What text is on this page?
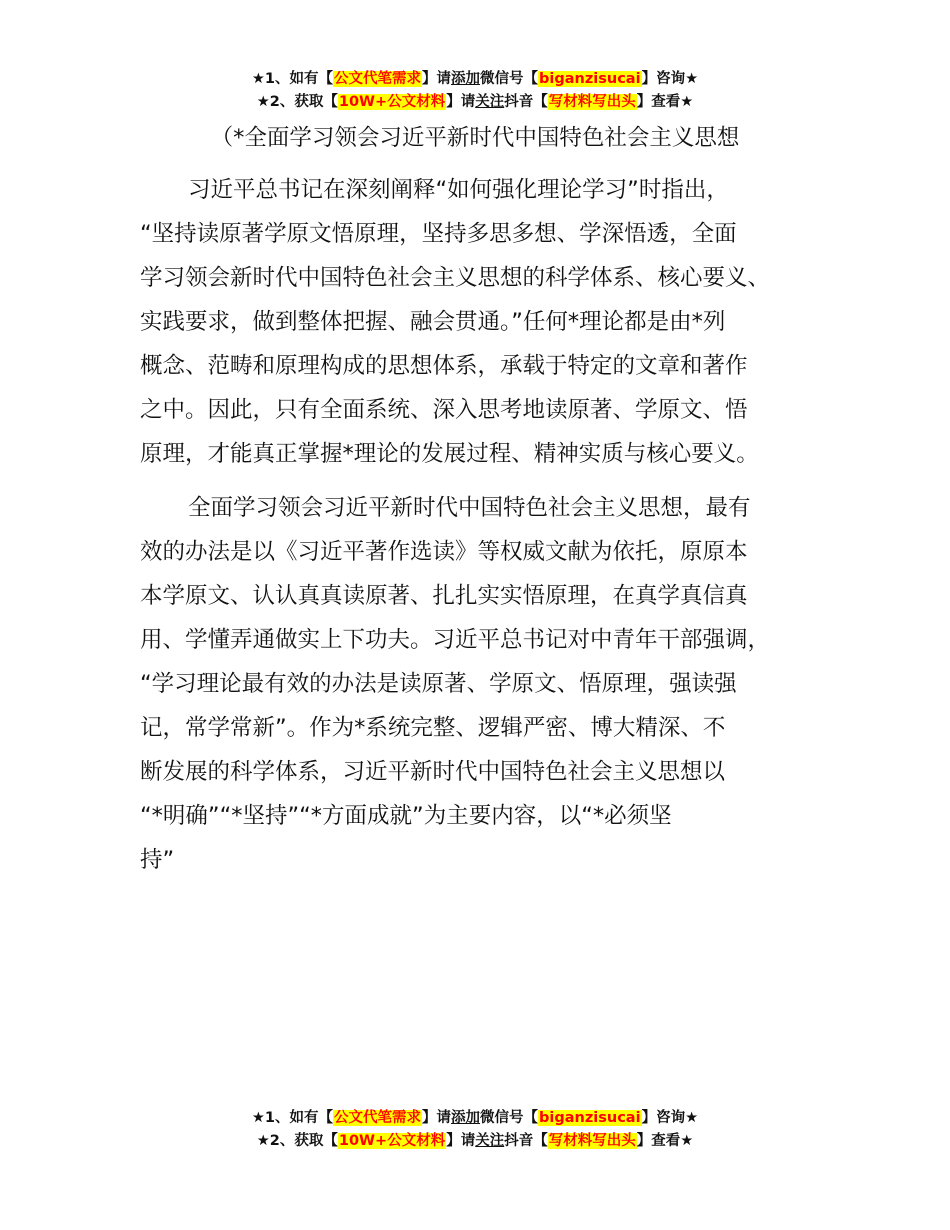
★1、如有【公文代笔需求】请添加微信号【biganzisucai】咨询★
★2、获取【10W+公文材料】请关注抖音【写材料写出头】查看★
（*全面学习领会习近平新时代中国特色社会主义思想
习近平总书记在深刻阐释“如何强化理论学习”时指出，
“坚持读原著学原文悟原理，坚持多思多想、学深悟透，全面
学习领会新时代中国特色社会主义思想的科学体系、核心要义、
实践要求，做到整体把握、融会贯通。”任何*理论都是由*列
概念、范畴和原理构成的思想体系，承载于特定的文章和著作
之中。因此，只有全面系统、深入思考地读原著、学原文、悟
原理，才能真正掌握*理论的发展过程、精神实质与核心要义。
全面学习领会习近平新时代中国特色社会主义思想，最有
效的办法是以《习近平著作选读》等权威文献为依托，原原本
本学原文、认认真真读原著、扎扎实实悟原理，在真学真信真
用、学懂弄通做实上下功夫。习近平总书记对中青年干部强调，
“学习理论最有效的办法是读原著、学原文、悟原理，强读强
记，常学常新”。作为*系统完整、逻辑严密、博大精深、不
断发展的科学体系，习近平新时代中国特色社会主义思想以
“*明确”“*坚持”“*方面成就”为主要内容，以“*必须坚
持”
★1、如有【公文代笔需求】请添加微信号【biganzisucai】咨询★
★2、获取【10W+公文材料】请关注抖音【写材料写出头】查看★
